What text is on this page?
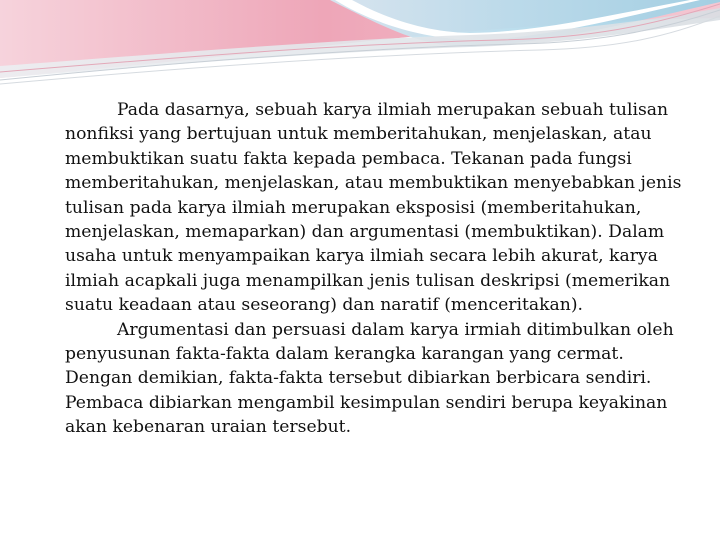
Pada dasarnya, sebuah karya ilmiah merupakan sebuah tulisan nonfiksi yang bertujuan untuk memberitahukan, menjelaskan, atau membuktikan suatu fakta kepada pembaca. Tekanan pada fungsi memberitahukan, menjelaskan, atau membuktikan menyebabkan jenis tulisan pada karya ilmiah merupakan eksposisi (memberitahukan, menjelaskan, memaparkan) dan argumentasi (membuktikan). Dalam usaha untuk menyampaikan karya ilmiah secara lebih akurat, karya ilmiah acapkali juga menampilkan jenis tulisan deskripsi (memerikan suatu keadaan atau seseorang) dan naratif (menceritakan).

Argumentasi dan persuasi dalam karya irmiah ditimbulkan oleh penyusunan fakta-fakta dalam kerangka karangan yang cermat. Dengan demikian, fakta-fakta tersebut dibiarkan berbicara sendiri. Pembaca dibiarkan mengambil kesimpulan sendiri berupa keyakinan akan kebenaran uraian tersebut.
